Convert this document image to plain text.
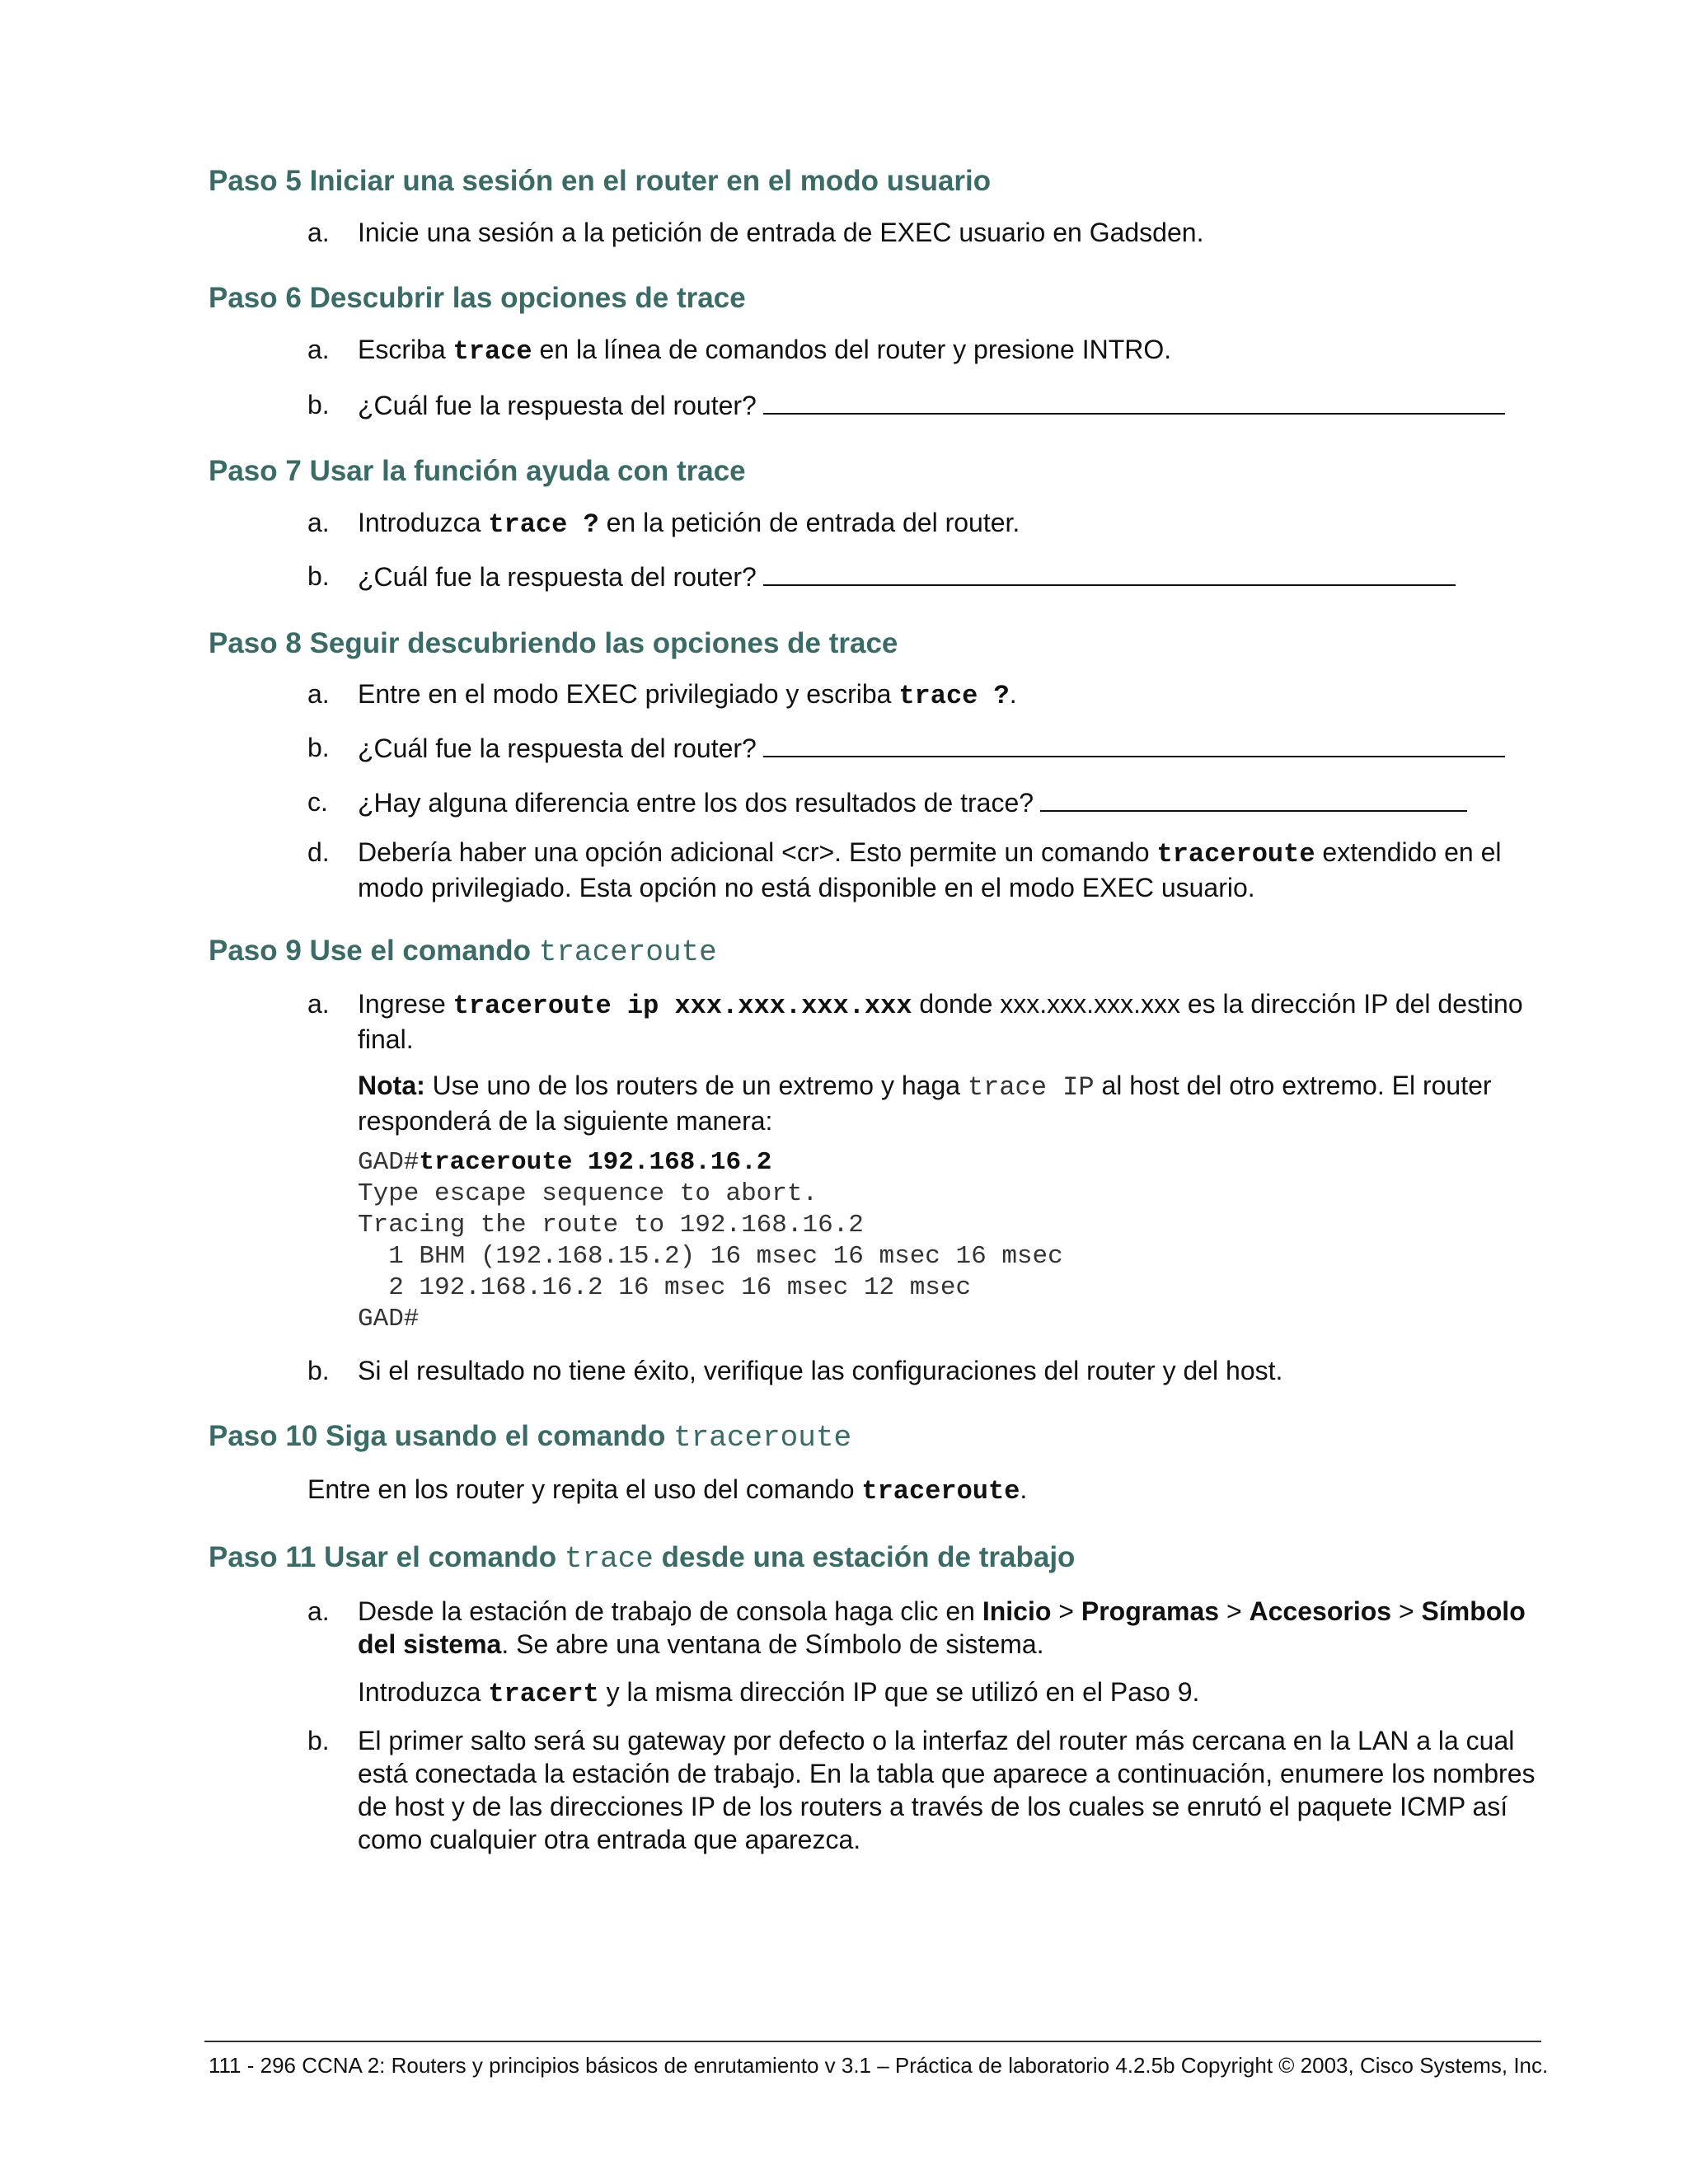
Paso 5 Iniciar una sesión en el router en el modo usuario
a. Inicie una sesión a la petición de entrada de EXEC usuario en Gadsden.
Paso 6 Descubrir las opciones de trace
a. Escriba trace en la línea de comandos del router y presione INTRO.
b. ¿Cuál fue la respuesta del router?
Paso 7 Usar la función ayuda con trace
a. Introduzca trace ? en la petición de entrada del router.
b. ¿Cuál fue la respuesta del router?
Paso 8 Seguir descubriendo las opciones de trace
a. Entre en el modo EXEC privilegiado y escriba trace ?.
b. ¿Cuál fue la respuesta del router?
c. ¿Hay alguna diferencia entre los dos resultados de trace?
d. Debería haber una opción adicional <cr>. Esto permite un comando traceroute extendido en el modo privilegiado. Esta opción no está disponible en el modo EXEC usuario.
Paso 9 Use el comando traceroute
a. Ingrese traceroute ip xxx.xxx.xxx.xxx donde xxx.xxx.xxx.xxx es la dirección IP del destino final.
Nota: Use uno de los routers de un extremo y haga trace IP al host del otro extremo. El router responderá de la siguiente manera:
GAD#traceroute 192.168.16.2
Type escape sequence to abort.
Tracing the route to 192.168.16.2
1 BHM (192.168.15.2) 16 msec 16 msec 16 msec
2 192.168.16.2 16 msec 16 msec 12 msec
GAD#
b. Si el resultado no tiene éxito, verifique las configuraciones del router y del host.
Paso 10 Siga usando el comando traceroute
Entre en los router y repita el uso del comando traceroute.
Paso 11 Usar el comando trace desde una estación de trabajo
a. Desde la estación de trabajo de consola haga clic en Inicio > Programas > Accesorios > Símbolo del sistema. Se abre una ventana de Símbolo de sistema.
Introduzca tracert y la misma dirección IP que se utilizó en el Paso 9.
b. El primer salto será su gateway por defecto o la interfaz del router más cercana en la LAN a la cual está conectada la estación de trabajo. En la tabla que aparece a continuación, enumere los nombres de host y de las direcciones IP de los routers a través de los cuales se enrutó el paquete ICMP así como cualquier otra entrada que aparezca.
111 - 296 CCNA 2: Routers y principios básicos de enrutamiento v 3.1 – Práctica de laboratorio 4.2.5b Copyright © 2003, Cisco Systems, Inc.
